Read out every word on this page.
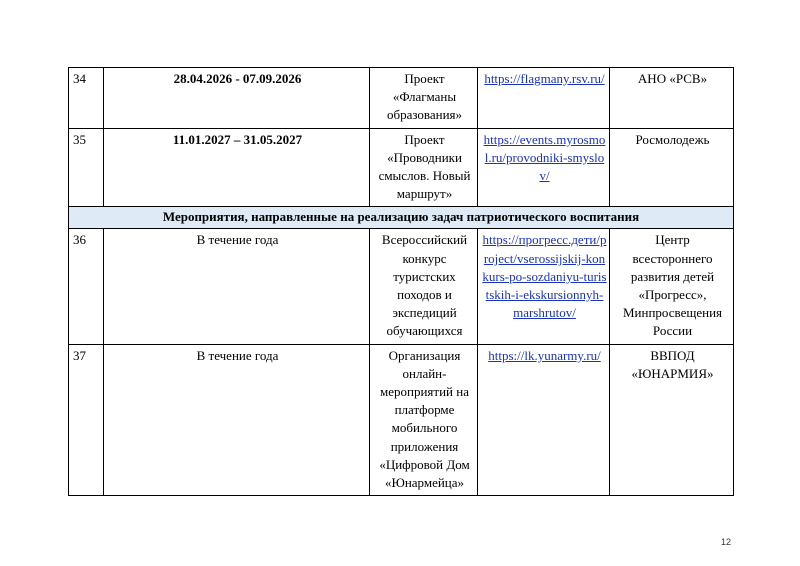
34	28.04.2026 - 07.09.2026	Проект «Флагманы образования»	https://flagmany.rsv.ru/	АНО «РСВ»
35	11.01.2027 – 31.05.2027	Проект «Проводники смыслов. Новый маршрут»	https://events.myrosmol.ru/provodniki-smyslov/	Росмолодежь
Мероприятия, направленные на реализацию задач патриотического воспитания				
36	В течение года	Всероссийский конкурс туристских походов и экспедиций обучающихся	https://прогресс.дети/project/vserossijskij-konkurs-po-sozdaniyu-turistskih-i-ekskursionnyh-marshrutov/	Центр всестороннего развития детей «Прогресс», Минпросвещения России
37	В течение года	Организация онлайн-мероприятий на платформе мобильного приложения «Цифровой Дом «Юнармейца»	https://lk.yunarmy.ru/	ВВПОД «ЮНАРМИЯ»
12
